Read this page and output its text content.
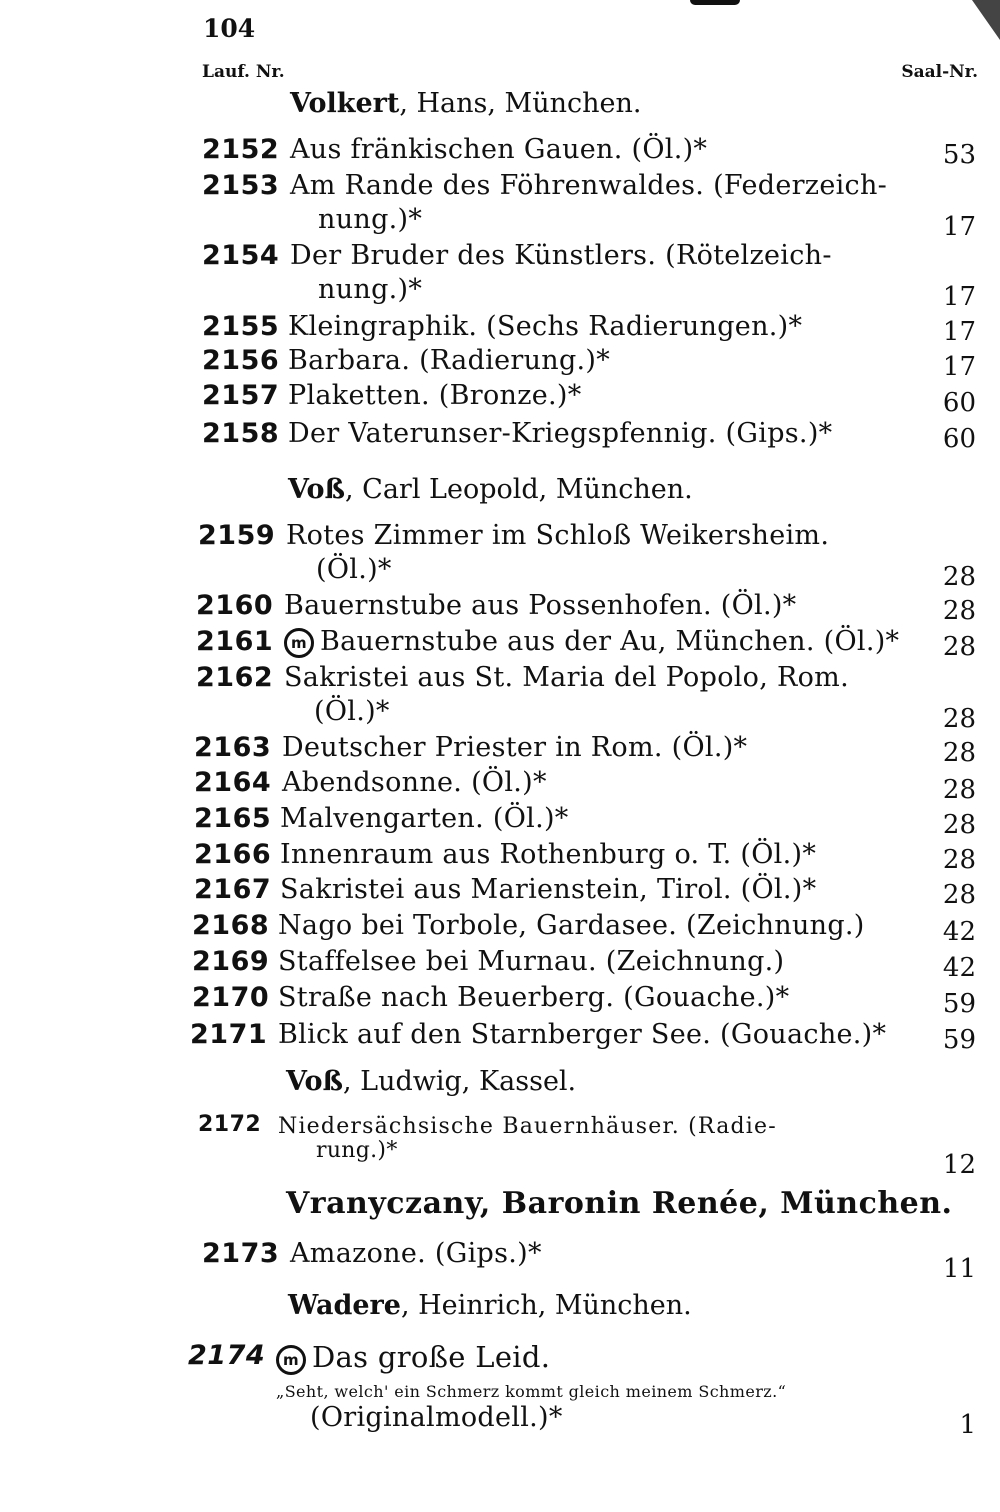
104
Lauf. Nr.	Saal-Nr.
Volkert, Hans, München.
2152 Aus fränkischen Gauen. (Öl.)*	53
2153 Am Rande des Föhrenwaldes. (Federzeich-
nung.)*	17
2154 Der Bruder des Künstlers. (Rötelzeich-
nung.)*	17
2155 Kleingraphik. (Sechs Radierungen.)*	17
2156 Barbara. (Radierung.)*	17
2157 Plaketten. (Bronze.)*	60
2158 Der Vaterunser-Kriegspfennig. (Gips.)*	60
Voß, Carl Leopold, München.
2159 Rotes Zimmer im Schloß Weikersheim.
(Öl.)*	28
2160 Bauernstube aus Possenhofen. (Öl.)*	28
2161	m Bauernstube aus der Au, München. (Öl.)* 28
2162 Sakristei aus St. Maria del Popolo, Rom.
(Öl.)*	28
2163 Deutscher Priester in Rom. (Öl.)*	28
2164 Abendsonne. (Öl.)*	28
2165 Malvengarten. (Öl.)*	28
2166 Innenraum aus Rothenburg o. T. (Öl.)*	28
2167 Sakristei aus Marienstein, Tirol. (Öl.)*	28
2168 Nago bei Torbole, Gardasee. (Zeichnung.)	42
2169 Staffelsee bei Murnau. (Zeichnung.)	42
2170 Straße nach Beuerberg. (Gouache.)*	59
2171 Blick auf den Starnberger See. (Gouache.)* 59
Voß, Ludwig, Kassel.
2172 Niedersächsische Bauernhäuser. (Radie-
rung.)*	12
Vranyczany, Baronin Renée, München.
2173 Amazone. (Gips.)*	11
Wadere, Heinrich, München.
2174	m Das große Leid.
„Seht, welch' ein Schmerz kommt gleich meinem Schmerz.“
(Originalmodell.)*	1
